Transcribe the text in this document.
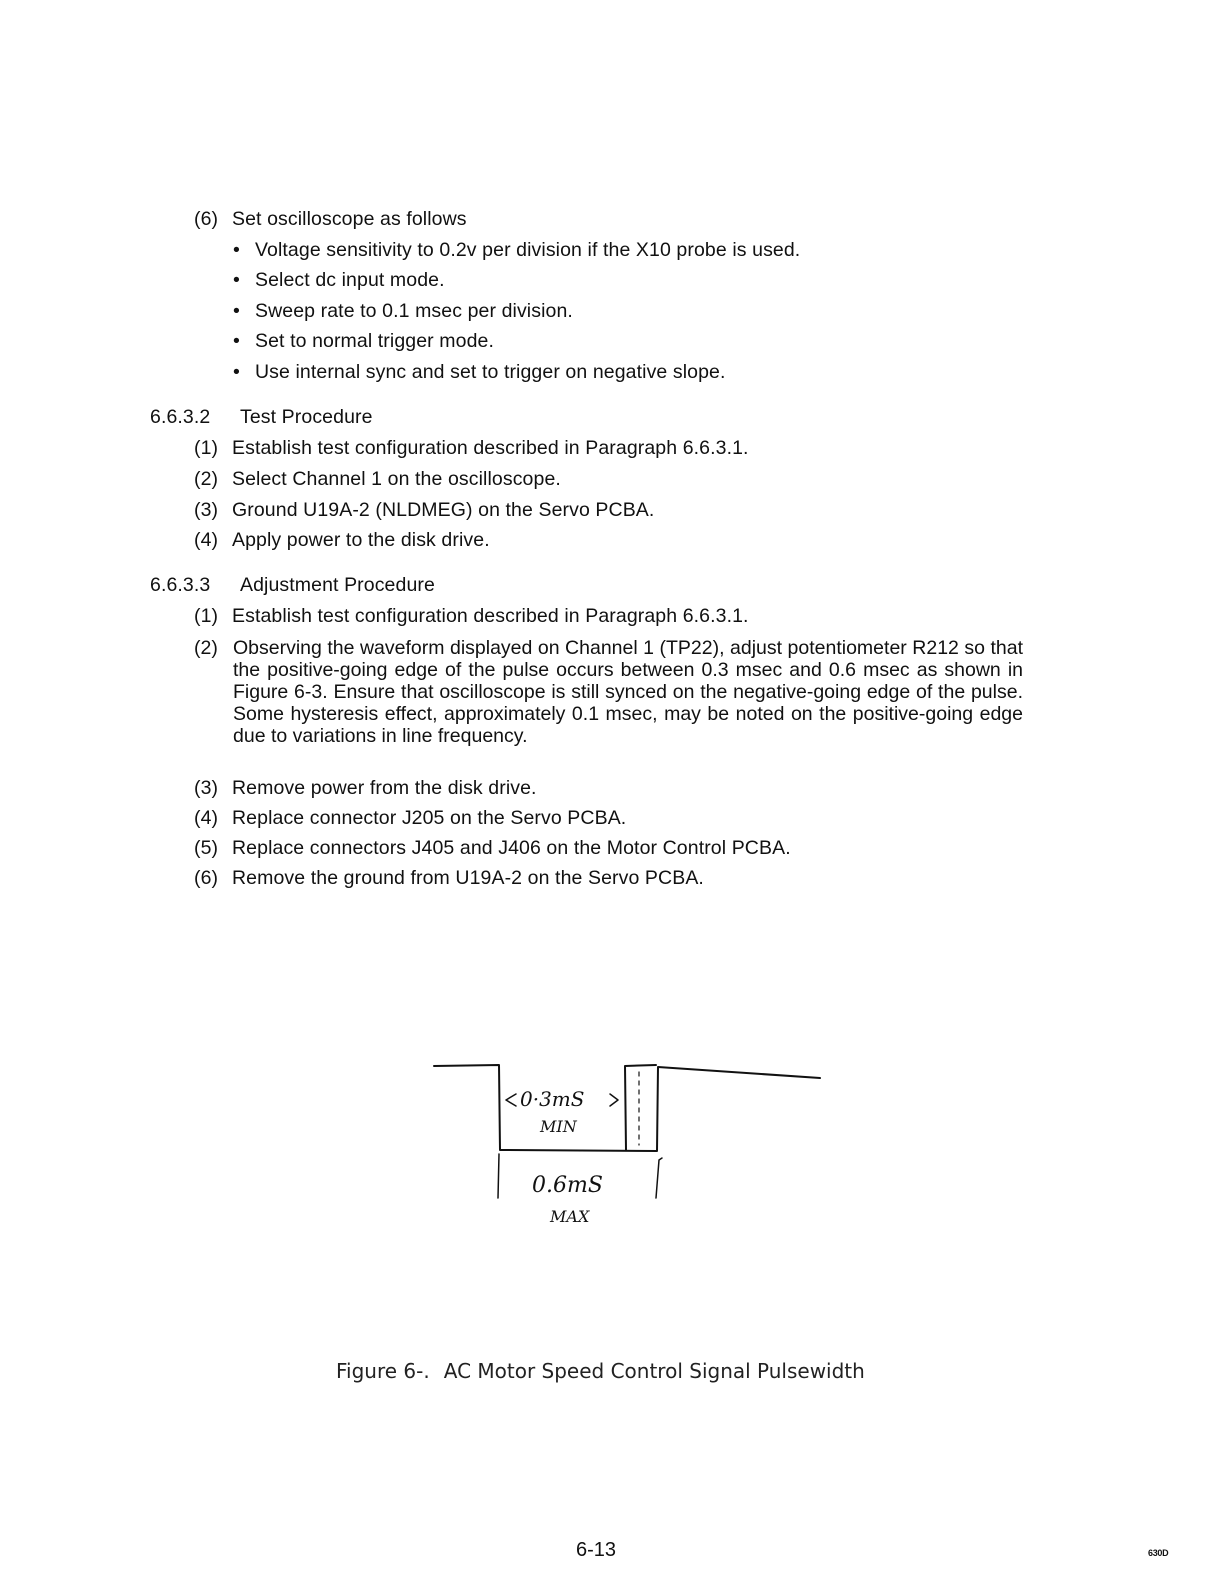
(6) Set oscilloscope as follows
• Voltage sensitivity to 0.2v per division if the X10 probe is used.
• Select dc input mode.
• Sweep rate to 0.1 msec per division.
• Set to normal trigger mode.
• Use internal sync and set to trigger on negative slope.
6.6.3.2 Test Procedure
(1) Establish test configuration described in Paragraph 6.6.3.1.
(2) Select Channel 1 on the oscilloscope.
(3) Ground U19A-2 (NLDMEG) on the Servo PCBA.
(4) Apply power to the disk drive.
6.6.3.3 Adjustment Procedure
(1) Establish test configuration described in Paragraph 6.6.3.1.
(2) Observing the waveform displayed on Channel 1 (TP22), adjust potentiometer R212 so that the positive-going edge of the pulse occurs between 0.3 msec and 0.6 msec as shown in Figure 6-3. Ensure that oscilloscope is still synced on the negative-going edge of the pulse. Some hysteresis effect, approximately 0.1 msec, may be noted on the positive-going edge due to variations in line frequency.
(3) Remove power from the disk drive.
(4) Replace connector J205 on the Servo PCBA.
(5) Replace connectors J405 and J406 on the Motor Control PCBA.
(6) Remove the ground from U19A-2 on the Servo PCBA.
0·3mS
MIN
0.6mS
MAX
Figure 6-. AC Motor Speed Control Signal Pulsewidth
6-13	630D
